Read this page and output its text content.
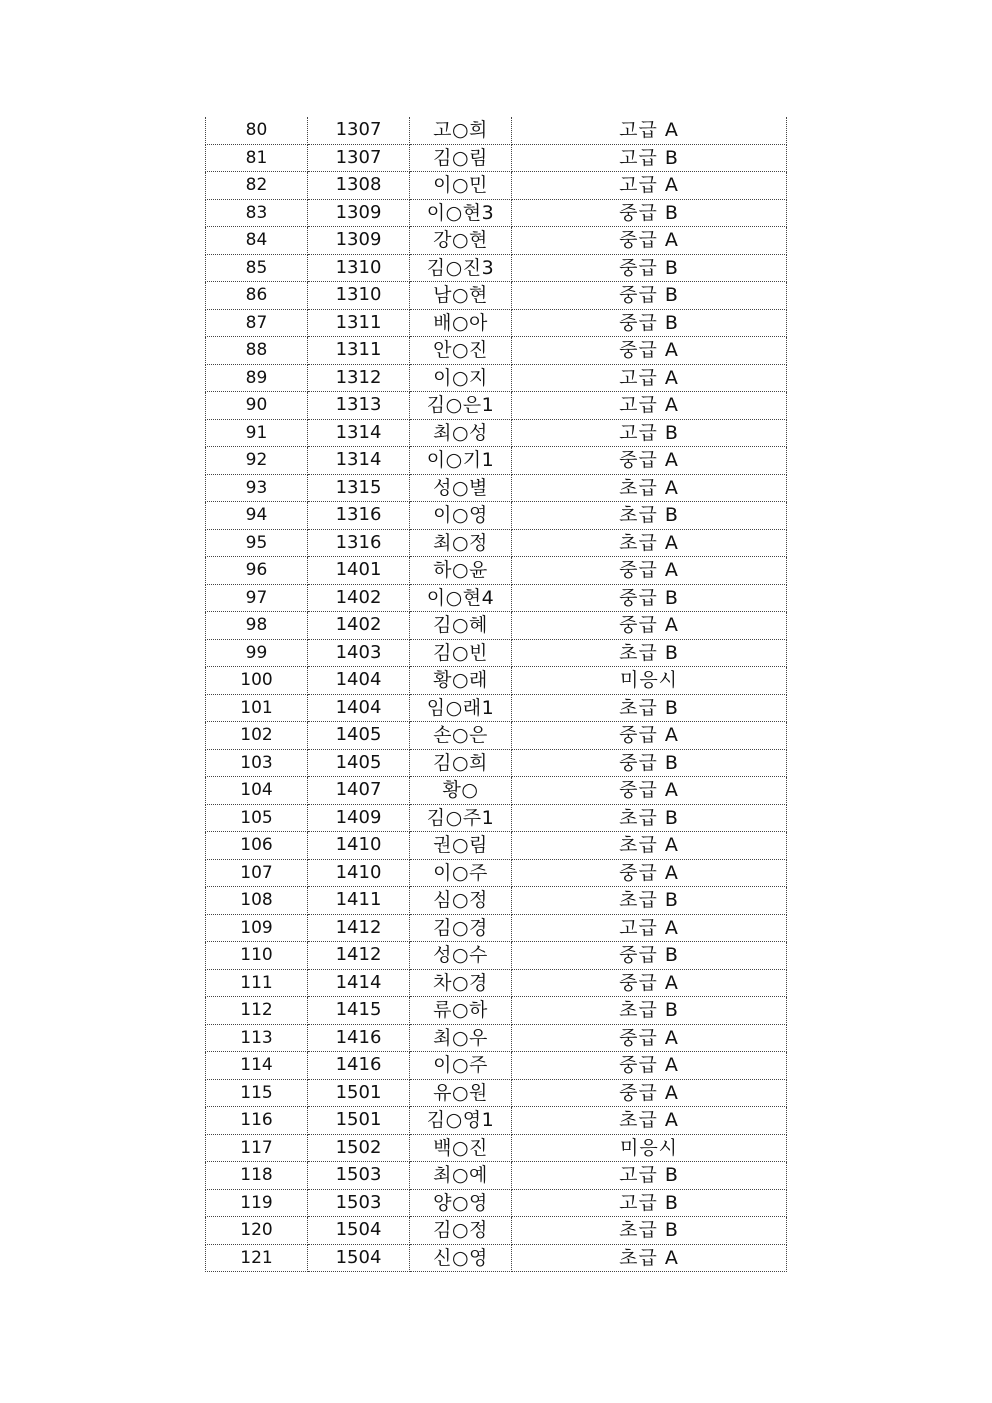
80	1307	고○희	고급 A
81	1307	김○림	고급 B
82	1308	이○민	고급 A
83	1309	이○현3	중급 B
84	1309	강○현	중급 A
85	1310	김○진3	중급 B
86	1310	남○현	중급 B
87	1311	배○아	중급 B
88	1311	안○진	중급 A
89	1312	이○지	고급 A
90	1313	김○은1	고급 A
91	1314	최○성	고급 B
92	1314	이○기1	중급 A
93	1315	성○별	초급 A
94	1316	이○영	초급 B
95	1316	최○정	초급 A
96	1401	하○윤	중급 A
97	1402	이○현4	중급 B
98	1402	김○혜	중급 A
99	1403	김○빈	초급 B
100	1404	황○래	미응시
101	1404	임○래1	초급 B
102	1405	손○은	중급 A
103	1405	김○희	중급 B
104	1407	황○	중급 A
105	1409	김○주1	초급 B
106	1410	권○림	초급 A
107	1410	이○주	중급 A
108	1411	심○정	초급 B
109	1412	김○경	고급 A
110	1412	성○수	중급 B
111	1414	차○경	중급 A
112	1415	류○하	초급 B
113	1416	최○우	중급 A
114	1416	이○주	중급 A
115	1501	유○원	중급 A
116	1501	김○영1	초급 A
117	1502	백○진	미응시
118	1503	최○예	고급 B
119	1503	양○영	고급 B
120	1504	김○정	초급 B
121	1504	신○영	초급 A
